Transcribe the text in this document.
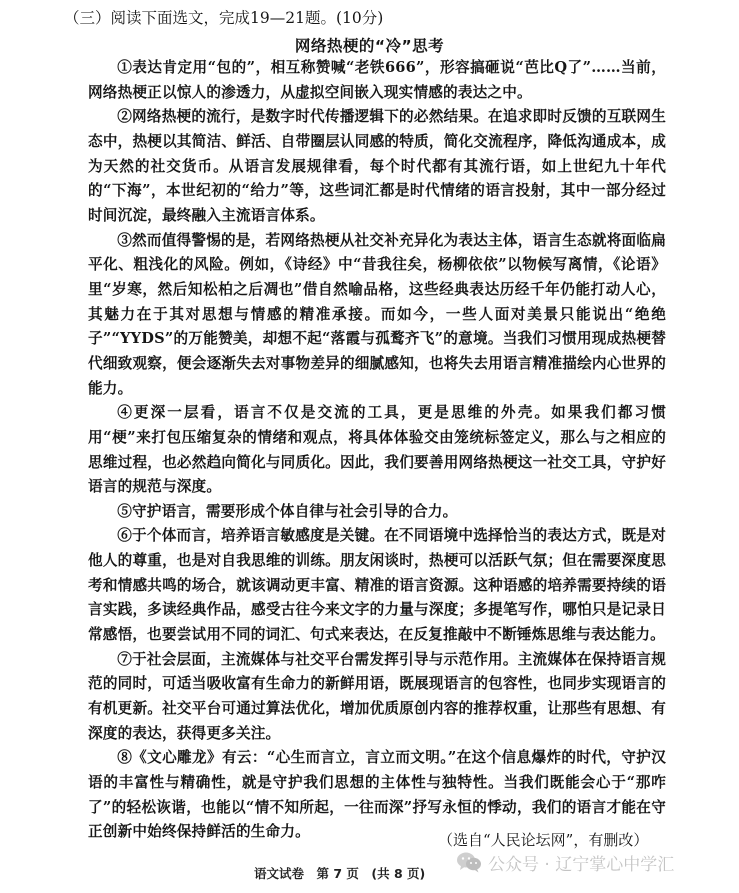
（三）阅读下面选文，完成19—21题。(10分)
网络热梗的“冷”思考

①表达肯定用“包的”，相互称赞喊“老铁666”，形容搞砸说“芭比Q了”……当前，网络热梗正以惊人的渗透力，从虚拟空间嵌入现实情感的表达之中。

②网络热梗的流行，是数字时代传播逻辑下的必然结果。在追求即时反馈的互联网生态中，热梗以其简洁、鲜活、自带圈层认同感的特质，简化交流程序，降低沟通成本，成为天然的社交货币。从语言发展规律看，每个时代都有其流行语，如上世纪九十年代的“下海”，本世纪初的“给力”等，这些词汇都是时代情绪的语言投射，其中一部分经过时间沉淀，最终融入主流语言体系。

③然而值得警惕的是，若网络热梗从社交补充异化为表达主体，语言生态就将面临扁平化、粗浅化的风险。例如，《诗经》中“昔我往矣，杨柳依依”以物候写离情，《论语》里“岁寒，然后知松柏之后凋也”借自然喻品格，这些经典表达历经千年仍能打动人心，其魅力在于其对思想与情感的精准承接。而如今，一些人面对美景只能说出“绝绝子”“YYDS”的万能赞美，却想不起“落霞与孤鹜齐飞”的意境。当我们习惯用现成热梗替代细致观察，便会逐渐失去对事物差异的细腻感知，也将失去用语言精准描绘内心世界的能力。

④更深一层看，语言不仅是交流的工具，更是思维的外壳。如果我们都习惯用“梗”来打包压缩复杂的情绪和观点，将具体体验交由笼统标签定义，那么与之相应的思维过程，也必然趋向简化与同质化。因此，我们要善用网络热梗这一社交工具，守护好语言的规范与深度。

⑤守护语言，需要形成个体自律与社会引导的合力。

⑥于个体而言，培养语言敏感度是关键。在不同语境中选择恰当的表达方式，既是对他人的尊重，也是对自我思维的训练。朋友闲谈时，热梗可以活跃气氛；但在需要深度思考和情感共鸣的场合，就该调动更丰富、精准的语言资源。这种语感的培养需要持续的语言实践，多读经典作品，感受古往今来文字的力量与深度；多提笔写作，哪怕只是记录日常感悟，也要尝试用不同的词汇、句式来表达，在反复推敲中不断锤炼思维与表达能力。

⑦于社会层面，主流媒体与社交平台需发挥引导与示范作用。主流媒体在保持语言规范的同时，可适当吸收富有生命力的新鲜用语，既展现语言的包容性，也同步实现语言的有机更新。社交平台可通过算法优化，增加优质原创内容的推荐权重，让那些有思想、有深度的表达，获得更多关注。

⑧《文心雕龙》有云：“心生而言立，言立而文明。”在这个信息爆炸的时代，守护汉语的丰富性与精确性，就是守护我们思想的主体性与独特性。当我们既能会心于“那咋了”的轻松诙谐，也能以“情不知所起，一往而深”抒写永恒的悸动，我们的语言才能在守正创新中始终保持鲜活的生命力。	（选自“人民论坛网”，有删改）
公众号 · 辽宁掌心中学汇
语文试卷　第 7 页　(共 8 页)
